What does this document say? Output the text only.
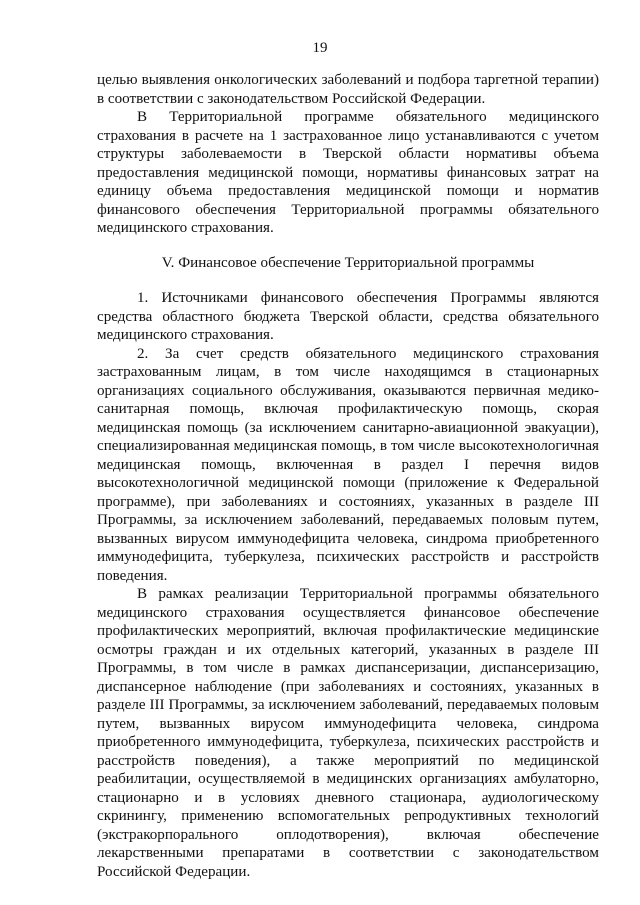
19

целью выявления онкологических заболеваний и подбора таргетной терапии) в соответствии с законодательством Российской Федерации.

В Территориальной программе обязательного медицинского страхования в расчете на 1 застрахованное лицо устанавливаются с учетом структуры заболеваемости в Тверской области нормативы объема предоставления медицинской помощи, нормативы финансовых затрат на единицу объема предоставления медицинской помощи и норматив финансового обеспечения Территориальной программы обязательного медицинского страхования.

V. Финансовое обеспечение Территориальной программы

1. Источниками финансового обеспечения Программы являются средства областного бюджета Тверской области, средства обязательного медицинского страхования.

2. За счет средств обязательного медицинского страхования застрахованным лицам, в том числе находящимся в стационарных организациях социального обслуживания, оказываются первичная медико-санитарная помощь, включая профилактическую помощь, скорая медицинская помощь (за исключением санитарно-авиационной эвакуации), специализированная медицинская помощь, в том числе высокотехнологичная медицинская помощь, включенная в раздел I перечня видов высокотехнологичной медицинской помощи (приложение к Федеральной программе), при заболеваниях и состояниях, указанных в разделе III Программы, за исключением заболеваний, передаваемых половым путем, вызванных вирусом иммунодефицита человека, синдрома приобретенного иммунодефицита, туберкулеза, психических расстройств и расстройств поведения.

В рамках реализации Территориальной программы обязательного медицинского страхования осуществляется финансовое обеспечение профилактических мероприятий, включая профилактические медицинские осмотры граждан и их отдельных категорий, указанных в разделе III Программы, в том числе в рамках диспансеризации, диспансеризацию, диспансерное наблюдение (при заболеваниях и состояниях, указанных в разделе III Программы, за исключением заболеваний, передаваемых половым путем, вызванных вирусом иммунодефицита человека, синдрома приобретенного иммунодефицита, туберкулеза, психических расстройств и расстройств поведения), а также мероприятий по медицинской реабилитации, осуществляемой в медицинских организациях амбулаторно, стационарно и в условиях дневного стационара, аудиологическому скринингу, применению вспомогательных репродуктивных технологий (экстракорпорального оплодотворения), включая обеспечение лекарственными препаратами в соответствии с законодательством Российской Федерации.
